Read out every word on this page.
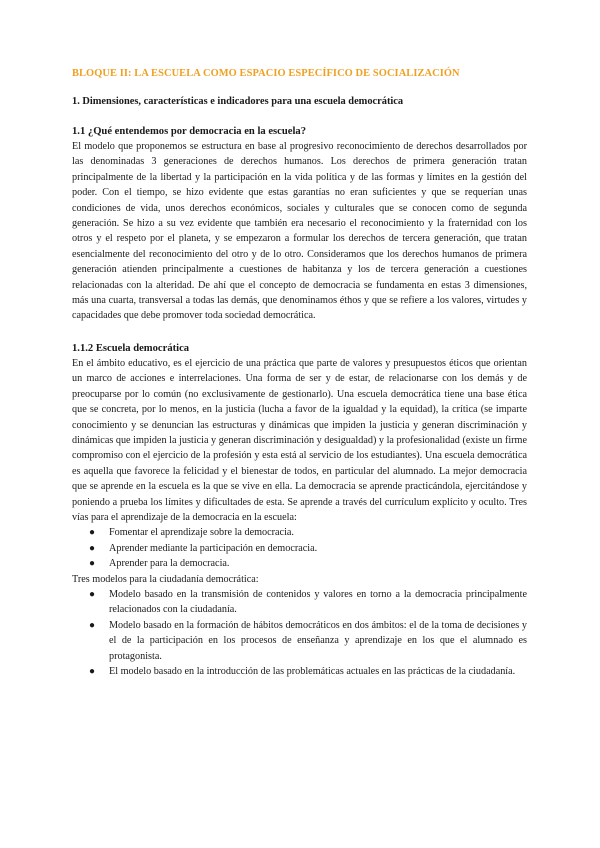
BLOQUE II: LA ESCUELA COMO ESPACIO ESPECÍFICO DE SOCIALIZACIÓN
1. Dimensiones, características e indicadores para una escuela democrática
1.1 ¿Qué entendemos por democracia en la escuela?

El modelo que proponemos se estructura en base al progresivo reconocimiento de derechos desarrollados por las denominadas 3 generaciones de derechos humanos. Los derechos de primera generación tratan principalmente de la libertad y la participación en la vida política y de las formas y límites en la gestión del poder. Con el tiempo, se hizo evidente que estas garantías no eran suficientes y que se requerían unas condiciones de vida, unos derechos económicos, sociales y culturales que se conocen como de segunda generación. Se hizo a su vez evidente que también era necesario el reconocimiento y la fraternidad con los otros y el respeto por el planeta, y se empezaron a formular los derechos de tercera generación, que tratan esencialmente del reconocimiento del otro y de lo otro. Consideramos que los derechos humanos de primera generación atienden principalmente a cuestiones de habitanza y los de tercera generación a cuestiones relacionadas con la alteridad. De ahí que el concepto de democracia se fundamenta en estas 3 dimensiones, más una cuarta, transversal a todas las demás, que denominamos éthos y que se refiere a los valores, virtudes y capacidades que debe promover toda sociedad democrática.

1.1.2 Escuela democrática

En el ámbito educativo, es el ejercicio de una práctica que parte de valores y presupuestos éticos que orientan un marco de acciones e interrelaciones. Una forma de ser y de estar, de relacionarse con los demás y de preocuparse por lo común (no exclusivamente de gestionarlo). Una escuela democrática tiene una base ética que se concreta, por lo menos, en la justicia (lucha a favor de la igualdad y la equidad), la crítica (se imparte conocimiento y se denuncian las estructuras y dinámicas que impiden la justicia y generan discriminación y dinámicas que impiden la justicia y generan discriminación y desigualdad) y la profesionalidad (existe un firme compromiso con el ejercicio de la profesión y esta está al servicio de los estudiantes). Una escuela democrática es aquella que favorece la felicidad y el bienestar de todos, en particular del alumnado. La mejor democracia que se aprende en la escuela es la que se vive en ella. La democracia se aprende practicándola, ejercitándose y poniendo a prueba los límites y dificultades de esta. Se aprende a través del currículum explícito y oculto. Tres vías para el aprendizaje de la democracia en la escuela:

●	Fomentar el aprendizaje sobre la democracia.
●	Aprender mediante la participación en democracia.
●	Aprender para la democracia.

Tres modelos para la ciudadanía democrática:

●	Modelo basado en la transmisión de contenidos y valores en torno a la democracia principalmente relacionados con la ciudadanía.
●	Modelo basado en la formación de hábitos democráticos en dos ámbitos: el de la toma de decisiones y el de la participación en los procesos de enseñanza y aprendizaje en los que el alumnado es protagonista.
●	El modelo basado en la introducción de las problemáticas actuales en las prácticas de la ciudadanía.
